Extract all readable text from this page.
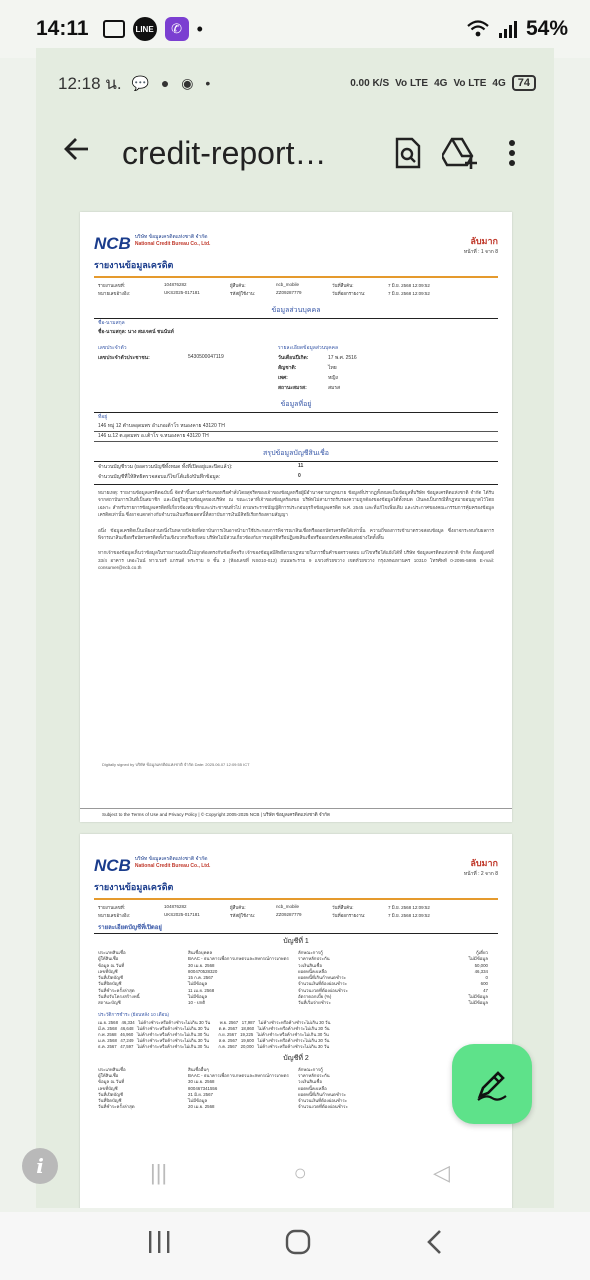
14:11	LINE	✆ •	54%
12:18 น. 💬 ● ◉ •	0.00 K/S Vo LTE 4G Vo LTE 4G	74
credit-report…
NCB บริษัท ข้อมูลเครดิตแห่งชาติ จำกัด
National Credit Bureau Co., Ltd.	ลับมาก
หน้าที่ : 1 จาก 8
รายงานข้อมูลเครดิต
รายงานเลขที่:	104876282	ผู้สืบค้น:	ncb_mobile	วันที่สืบค้น:	7 มิ.ย. 2568 12:09:52
หมายเลขอ้างอิง:	UKS2025-017181	รหัสผู้ใช้งาน:	ZZ09287779	วันที่ออกรายงาน:	7 มิ.ย. 2568 12:09:52
ข้อมูลส่วนบุคคล
ชื่อ-นามสกุล
ชื่อ-นามสกุล: นาง สมเจตน์ ชนนันท์
เลขประจำตัว	รายละเอียดข้อมูลส่วนบุคคล
เลขประจำตัวประชาชน:	5430500047119	วันเดือนปีเกิด:	17 พ.ศ. 2516
สัญชาติ:	ไทย
เพศ:	หญิง
สถานะสมรส:	สมรส
ข้อมูลที่อยู่
ที่อยู่
146 หมู่ 12 ตำบลอุดมพร อำเภอเต้าโร หนองคาย 43120 TH
146 ม.12 ต.อุดมพร อ.เต้าโร จ.หนองคาย 43120 TH
สรุปข้อมูลบัญชีสินเชื่อ
จำนวนบัญชีรวม (ยอดรวมบัญชีทั้งหมด ทั้งที่เปิดอยู่และปิดแล้ว):	11
จำนวนบัญชีที่ให้สิทธิตรวจสอบแก้ไข/โต้แย้ง/บันทึกข้อมูล:	0
หมายเหตุ: รายงานข้อมูลเครดิตฉบับนี้ จัดทำขึ้นตามคำร้องขอหรือคำสั่งโดยสุจริตของเจ้าของข้อมูลหรือผู้มีอำนาจตามกฎหมาย ข้อมูลที่ปรากฏทั้งหมดเป็นข้อมูลที่บริษัท ข้อมูลเครดิตแห่งชาติ จำกัด ได้รับจากสถาบันการเงินที่เป็นสมาชิก และมีอยู่ในฐานข้อมูลของบริษัท ณ ขณะเวลาที่เจ้าของข้อมูลร้องขอ บริษัทไม่สามารถรับรองความถูกต้องของข้อมูลได้ทั้งหมด เงินลงเป็นกรณีที่กฎหมายอนุญาตไว้โดยเฉพาะ สำหรับรายการข้อมูลเครดิตที่เกี่ยวข้องสมาชิกและประชาชนทั่วไป ตามพระราชบัญญัติการประกอบธุรกิจข้อมูลเครดิต พ.ศ. 2545 และที่แก้ไขเพิ่มเติม และประกาศของคณะกรรมการคุ้มครองข้อมูลเครดิตเท่านั้น ซึ่งอาจแตกต่างกับจำนวนเงินหรือยอดหนี้ที่สถาบันการเงินมีสิทธิเรียกร้องตามสัญญา
อนึ่ง ข้อมูลเครดิตเป็นเพียงส่วนหนึ่งในหลายปัจจัยที่สถาบันการเงินอาจนำมาใช้ประกอบการพิจารณาสินเชื่อหรือออกบัตรเครดิตได้เท่านั้น ความถี่ของการเข้ามาตรวจสอบข้อมูล ซึ่งอาจกระทบกับผลการพิจารณาสินเชื่อหรือบัตรเครดิตทั้งในเชิงบวกหรือเชิงลบ บริษัทไม่มีส่วนเกี่ยวข้องกับการอนุมัติหรือปฏิเสธสินเชื่อหรือออกบัตรเครดิตแต่อย่างใดทั้งสิ้น
หากเจ้าของข้อมูลเห็นว่าข้อมูลในรายงานฉบับนี้ไม่ถูกต้องตรงกับข้อเท็จจริง เจ้าของข้อมูลมีสิทธิตามกฎหมายในการยื่นคำขอตรวจสอบ แก้ไขหรือโต้แย้งได้ที่ บริษัท ข้อมูลเครดิตแห่งชาติ จำกัด ตั้งอยู่เลขที่ 33/4 อาคาร เดอะไนน์ ทาวเวอร์ แกรนด์ พระราม 9 ชั้น 2 (ห้องเลขที่ NS010-012) ถนนพระราม 9 แขวงห้วยขวาง เขตห้วยขวาง กรุงเทพมหานคร 10310 โทรศัพท์ 0-2095-5895 E-mail: consumer@ncb.co.th
Digitally signed by บริษัท ข้อมูลเครดิตแห่งชาติ จำกัด Date: 2025.06.07 12:09:55 ICT
Subject to the Terms of Use and Privacy Policy | © Copyright 2005-2025 NCB | บริษัท ข้อมูลเครดิตแห่งชาติ จำกัด
NCB บริษัท ข้อมูลเครดิตแห่งชาติ จำกัด
National Credit Bureau Co., Ltd.	ลับมาก
หน้าที่ : 2 จาก 8
รายงานข้อมูลเครดิต
รายงานเลขที่:	104876282	ผู้สืบค้น:	ncb_mobile	วันที่สืบค้น:	7 มิ.ย. 2568 12:09:52
หมายเลขอ้างอิง:	UKS2025-017181	รหัสผู้ใช้งาน:	ZZ09287779	วันที่ออกรายงาน:	7 มิ.ย. 2568 12:09:52
รายละเอียดบัญชีที่เปิดอยู่
บัญชีที่ 1
ประเภทสินเชื่อ	สินเชื่อบุคคล	ลักษณะการกู้	กู้เดี่ยว
ผู้ให้สินเชื่อ	BAAC - ธนาคารเพื่อการเกษตรและสหกรณ์การเกษตร	ราคาหลักประกัน	ไม่มีข้อมูล
ข้อมูล ณ วันที่	30 เม.ย. 2568	วงเงินสินเชื่อ	50,000
เลขที่บัญชี	800470528320	ยอดหนี้คงเหลือ	46,334
วันที่เปิดบัญชี	15 ก.ค. 2567	ยอดหนี้ที่เกินกำหนดชำระ	0
วันที่ปิดบัญชี	ไม่มีข้อมูล	จำนวนเงินที่ต้องผ่อนชำระ	600
วันที่ชำระครั้งล่าสุด	11 เม.ย. 2568	จำนวนงวดที่ต้องผ่อนชำระ	47
วันที่ปรับโครงสร้างหนี้	ไม่มีข้อมูล	อัตราดอกเบี้ย (%)	ไม่มีข้อมูล
สถานะบัญชี	10 - ปกติ	วันที่เริ่มจ่ายชำระ	ไม่มีข้อมูล
ประวัติการชำระ (ย้อนหลัง 10 เดือน)
เม.ย. 2568   46,334   ไม่ค้างชำระหรือค้างชำระไม่เกิน 30 วัน        พ.ย. 2567   17,987   ไม่ค้างชำระหรือค้างชำระไม่เกิน 30 วัน
มี.ค. 2568   46,648   ไม่ค้างชำระหรือค้างชำระไม่เกิน 30 วัน        ต.ค. 2567   18,860   ไม่ค้างชำระหรือค้างชำระไม่เกิน 30 วัน
ก.พ. 2568   46,960   ไม่ค้างชำระหรือค้างชำระไม่เกิน 30 วัน        ก.ย. 2567   19,225   ไม่ค้างชำระหรือค้างชำระไม่เกิน 30 วัน
ม.ค. 2568   47,249   ไม่ค้างชำระหรือค้างชำระไม่เกิน 30 วัน        ส.ค. 2567   19,600   ไม่ค้างชำระหรือค้างชำระไม่เกิน 30 วัน
ธ.ค. 2567   47,597   ไม่ค้างชำระหรือค้างชำระไม่เกิน 30 วัน        ก.ค. 2567   20,000   ไม่ค้างชำระหรือค้างชำระไม่เกิน 30 วัน
บัญชีที่ 2
ประเภทสินเชื่อ	สินเชื่ออื่นๆ	ลักษณะการกู้
ผู้ให้สินเชื่อ	BAAC - ธนาคารเพื่อการเกษตรและสหกรณ์การเกษตร	ราคาหลักประกัน
ข้อมูล ณ วันที่	30 เม.ย. 2568	วงเงินสินเชื่อ
เลขที่บัญชี	800467341556	ยอดหนี้คงเหลือ
วันที่เปิดบัญชี	21 มิ.ย. 2567	ยอดหนี้ที่เกินกำหนดชำระ
วันที่ปิดบัญชี	ไม่มีข้อมูล	จำนวนเงินที่ต้องผ่อนชำระ
วันที่ชำระครั้งล่าสุด	20 เม.ย. 2568	จำนวนงวดที่ต้องผ่อนชำระ
i	|||	○	◁
